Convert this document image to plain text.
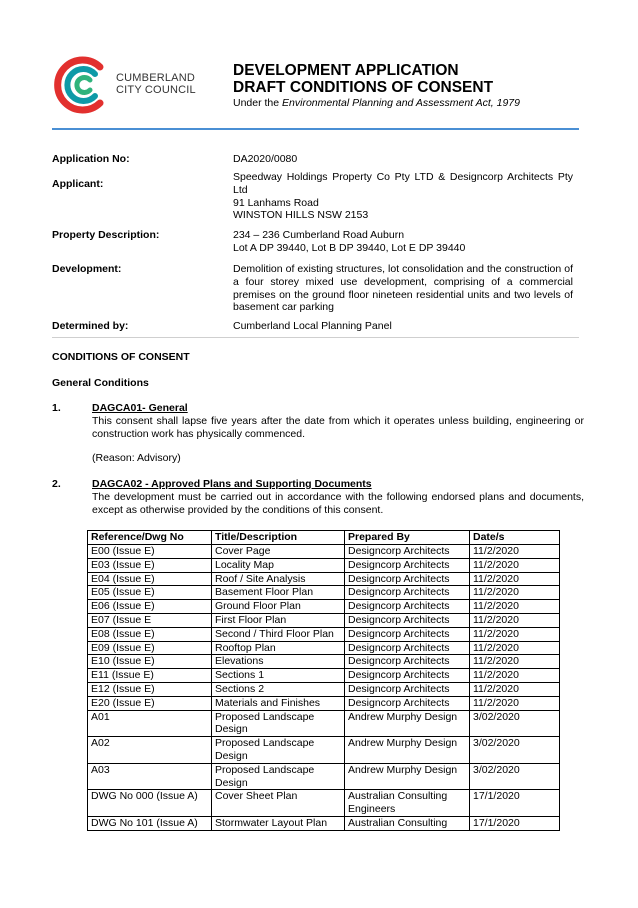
CUMBERLAND
CITY COUNCIL
DEVELOPMENT APPLICATION
DRAFT CONDITIONS OF CONSENT
Under the Environmental Planning and Assessment Act, 1979
Application No:	DA2020/0080
Applicant:
Speedway Holdings Property Co Pty LTD & Designcorp Architects Pty Ltd
91 Lanhams Road
WINSTON HILLS NSW 2153
Property Description:	234 – 236 Cumberland Road Auburn
Lot A DP 39440, Lot B DP 39440, Lot E DP 39440
Development:	Demolition of existing structures, lot consolidation and the construction of a four storey mixed use development, comprising of a commercial premises on the ground floor nineteen residential units and two levels of basement car parking
Determined by:	Cumberland Local Planning Panel
CONDITIONS OF CONSENT
General Conditions
1.	DAGCA01- General
This consent shall lapse five years after the date from which it operates unless building, engineering or construction work has physically commenced.
(Reason: Advisory)
2.	DAGCA02 - Approved Plans and Supporting Documents
The development must be carried out in accordance with the following endorsed plans and documents, except as otherwise provided by the conditions of this consent.
Reference/Dwg No	Title/Description	Prepared By	Date/s
E00 (Issue E)	Cover Page	Designcorp Architects	11/2/2020
E03 (Issue E)	Locality Map	Designcorp Architects	11/2/2020
E04 (Issue E)	Roof / Site Analysis	Designcorp Architects	11/2/2020
E05 (Issue E)	Basement Floor Plan	Designcorp Architects	11/2/2020
E06 (Issue E)	Ground Floor Plan	Designcorp Architects	11/2/2020
E07 (Issue E	First Floor Plan	Designcorp Architects	11/2/2020
E08 (Issue E)	Second / Third Floor Plan	Designcorp Architects	11/2/2020
E09 (Issue E)	Rooftop Plan	Designcorp Architects	11/2/2020
E10 (Issue E)	Elevations	Designcorp Architects	11/2/2020
E11 (Issue E)	Sections 1	Designcorp Architects	11/2/2020
E12 (Issue E)	Sections 2	Designcorp Architects	11/2/2020
E20 (Issue E)	Materials and Finishes	Designcorp Architects	11/2/2020
A01	Proposed Landscape Design	Andrew Murphy Design	3/02/2020
A02	Proposed Landscape Design	Andrew Murphy Design	3/02/2020
A03	Proposed Landscape Design	Andrew Murphy Design	3/02/2020
DWG No 000 (Issue A)	Cover Sheet Plan	Australian Consulting Engineers	17/1/2020
DWG No 101 (Issue A)	Stormwater Layout Plan	Australian Consulting	17/1/2020
